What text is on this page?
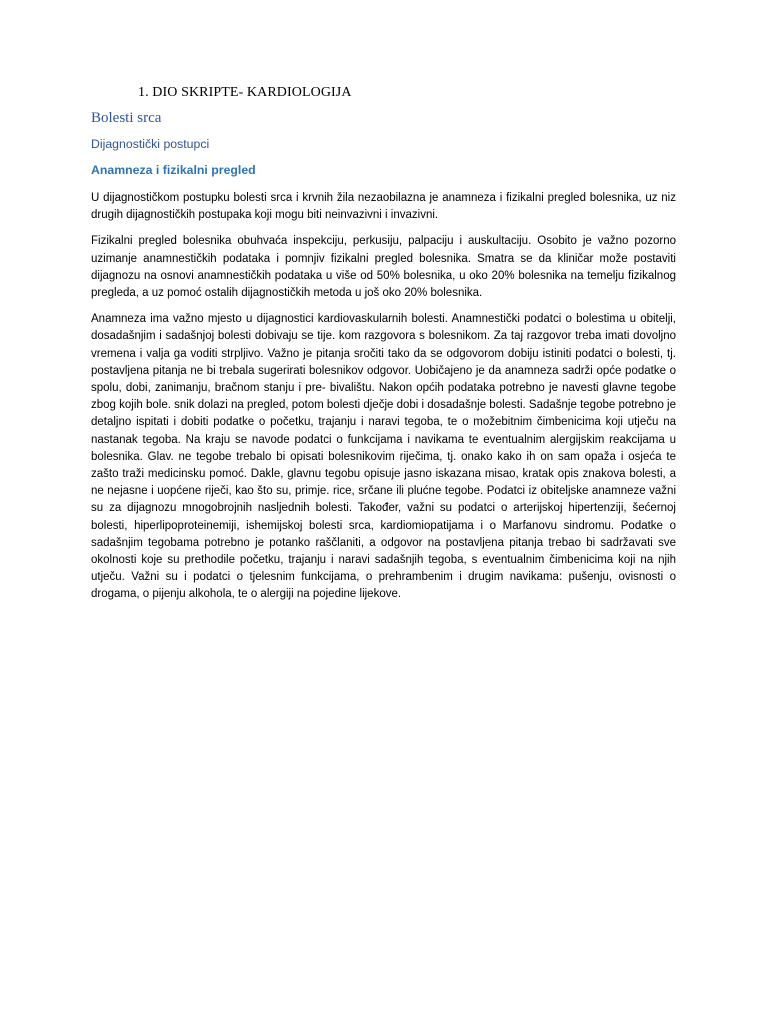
1. DIO SKRIPTE- KARDIOLOGIJA
Bolesti srca
Dijagnostički postupci
Anamneza i fizikalni pregled

U dijagnostičkom postupku bolesti srca i krvnih žila nezaobilazna je anamneza i fizikalni pregled bolesnika, uz niz drugih dijagnostičkih postupaka koji mogu biti neinvazivni i invazivni.

Fizikalni pregled bolesnika obuhvaća inspekciju, perkusiju, palpaciju i auskultaciju. Osobito je važno pozorno uzimanje anamnestičkih podataka i pomnjiv fizikalni pregled bolesnika. Smatra se da kliničar može postaviti dijagnozu na osnovi anamnestičkih podataka u više od 50% bolesnika, u oko 20% bolesnika na temelju fizikalnog pregleda, a uz pomoć ostalih dijagnostičkih metoda u još oko 20% bolesnika.

Anamneza ima važno mjesto u dijagnostici kardiovaskularnih bolesti. Anamnestički podatci o bolestima u obitelji, dosadašnjim i sadašnjoj bolesti dobivaju se tije. kom razgovora s bolesnikom. Za taj razgovor treba imati dovoljno vremena i valja ga voditi strpljivo. Važno je pitanja sročiti tako da se odgovorom dobiju istiniti podatci o bolesti, tj. postavljena pitanja ne bi trebala sugerirati bolesnikov odgovor. Uobičajeno je da anamneza sadrži opće podatke o spolu, dobi, zanimanju, bračnom stanju i pre- bivalištu. Nakon općih podataka potrebno je navesti glavne tegobe zbog kojih bole. snik dolazi na pregled, potom bolesti dječje dobi i dosadašnje bolesti. Sadašnje tegobe potrebno je detaljno ispitati i dobiti podatke o početku, trajanju i naravi tegoba, te o možebitnim čimbenicima koji utječu na nastanak tegoba. Na kraju se navode podatci o funkcijama i navikama te eventualnim alergijskim reakcijama u bolesnika. Glav. ne tegobe trebalo bi opisati bolesnikovim riječima, tj. onako kako ih on sam opaža i osjeća te zašto traži medicinsku pomoć. Dakle, glavnu tegobu opisuje jasno iskazana misao, kratak opis znakova bolesti, a ne nejasne i uopćene riječi, kao što su, primje. rice, srčane ili plućne tegobe. Podatci iz obiteljske anamneze važni su za dijagnozu mnogobrojnih nasljednih bolesti. Također, važni su podatci o arterijskoj hipertenziji, šećernoj bolesti, hiperlipoproteinemiji, ishemijskoj bolesti srca, kardiomiopatijama i o Marfanovu sindromu. Podatke o sadašnjim tegobama potrebno je potanko raščlaniti, a odgovor na postavljena pitanja trebao bi sadržavati sve okolnosti koje su prethodile početku, trajanju i naravi sadašnjih tegoba, s eventualnim čimbenicima koji na njih utječu. Važni su i podatci o tjelesnim funkcijama, o prehrambenim i drugim navikama: pušenju, ovisnosti o drogama, o pijenju alkohola, te o alergiji na pojedine lijekove.
